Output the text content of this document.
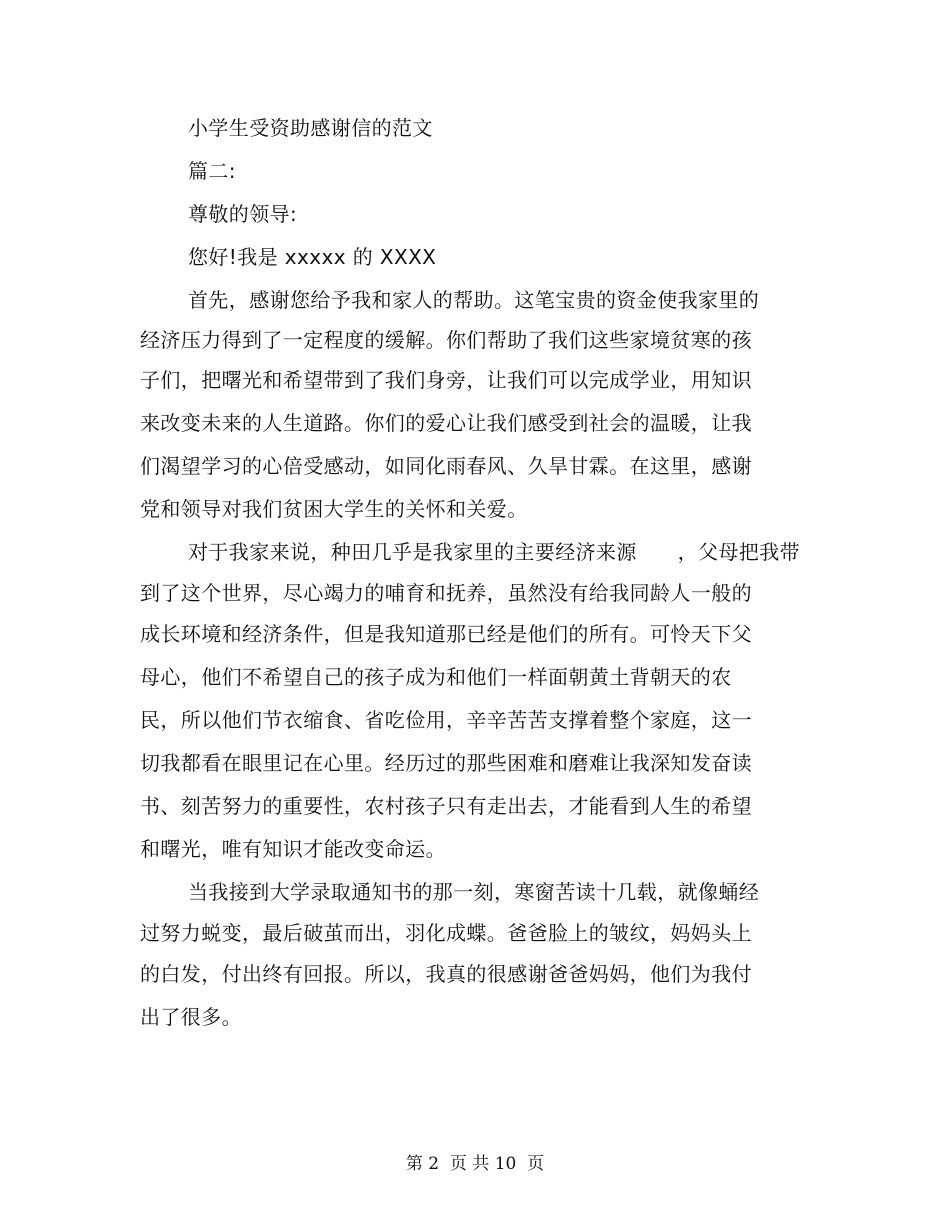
小学生受资助感谢信的范文
篇二:
尊敬的领导:
您好!我是 xxxxx 的 XXXX
首先，感谢您给予我和家人的帮助。这笔宝贵的资金使我家里的
经济压力得到了一定程度的缓解。你们帮助了我们这些家境贫寒的孩
子们，把曙光和希望带到了我们身旁，让我们可以完成学业，用知识
来改变未来的人生道路。你们的爱心让我们感受到社会的温暖，让我
们渴望学习的心倍受感动，如同化雨春风、久旱甘霖。在这里，感谢
党和领导对我们贫困大学生的关怀和关爱。
对于我家来说，种田几乎是我家里的主要经济来源　　，父母把我带
到了这个世界，尽心竭力的哺育和抚养，虽然没有给我同龄人一般的
成长环境和经济条件，但是我知道那已经是他们的所有。可怜天下父
母心，他们不希望自己的孩子成为和他们一样面朝黄土背朝天的农
民，所以他们节衣缩食、省吃俭用，辛辛苦苦支撑着整个家庭，这一
切我都看在眼里记在心里。经历过的那些困难和磨难让我深知发奋读
书、刻苦努力的重要性，农村孩子只有走出去，才能看到人生的希望
和曙光，唯有知识才能改变命运。
当我接到大学录取通知书的那一刻，寒窗苦读十几载，就像蛹经
过努力蜕变，最后破茧而出，羽化成蝶。爸爸脸上的皱纹，妈妈头上
的白发，付出终有回报。所以，我真的很感谢爸爸妈妈，他们为我付
出了很多。
第 2  页 共 10  页
